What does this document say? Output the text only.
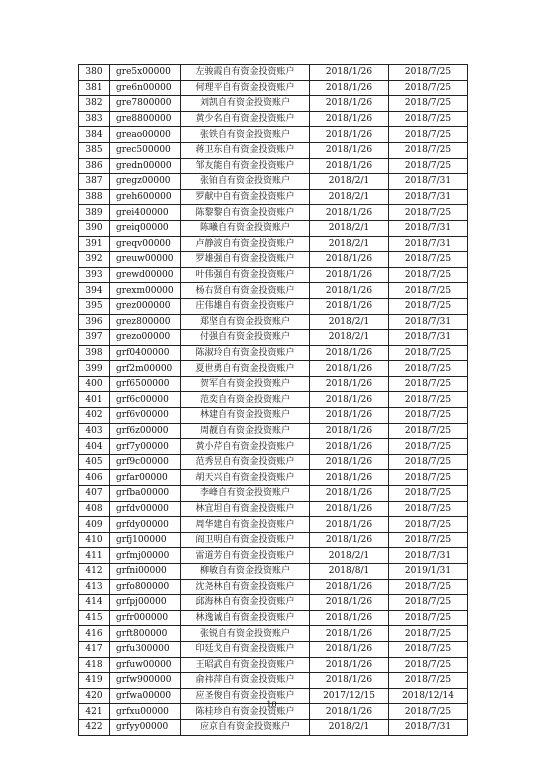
380	gre5x00000	左骏霞自有资金投资账户	2018/1/26	2018/7/25
381	gre6n00000	何理平自有资金投资账户	2018/1/26	2018/7/25
382	gre7800000	刘凯自有资金投资账户	2018/1/26	2018/7/25
383	gre8800000	黄少名自有资金投资账户	2018/1/26	2018/7/25
384	greao00000	张铁自有资金投资账户	2018/1/26	2018/7/25
385	grec500000	蒋卫东自有资金投资账户	2018/1/26	2018/7/25
386	gredn00000	邹友能自有资金投资账户	2018/1/26	2018/7/25
387	gregz00000	张铂自有资金投资账户	2018/2/1	2018/7/31
388	greh600000	罗献中自有资金投资账户	2018/2/1	2018/7/31
389	grei400000	陈黎黎自有资金投资账户	2018/1/26	2018/7/25
390	greiq00000	陈曦自有资金投资账户	2018/2/1	2018/7/31
391	greqv00000	卢静波自有资金投资账户	2018/2/1	2018/7/31
392	greuw00000	罗雄强自有资金投资账户	2018/1/26	2018/7/25
393	grewd00000	叶伟强自有资金投资账户	2018/1/26	2018/7/25
394	grexm00000	杨右贤自有资金投资账户	2018/1/26	2018/7/25
395	grez000000	庄伟雄自有资金投资账户	2018/1/26	2018/7/25
396	grez800000	郑坚自有资金投资账户	2018/2/1	2018/7/31
397	grezo00000	付强自有资金投资账户	2018/2/1	2018/7/31
398	grf0400000	陈淑玲自有资金投资账户	2018/1/26	2018/7/25
399	grf2m00000	夏世勇自有资金投资账户	2018/1/26	2018/7/25
400	grf6500000	贺军自有资金投资账户	2018/1/26	2018/7/25
401	grf6c00000	范奕自有资金投资账户	2018/1/26	2018/7/25
402	grf6v00000	林建自有资金投资账户	2018/1/26	2018/7/25
403	grf6z00000	周靓自有资金投资账户	2018/1/26	2018/7/25
404	grf7y00000	黄小芹自有资金投资账户	2018/1/26	2018/7/25
405	grf9c00000	范秀昱自有资金投资账户	2018/1/26	2018/7/25
406	grfar00000	胡天兴自有资金投资账户	2018/1/26	2018/7/25
407	grfba00000	李峰自有资金投资账户	2018/1/26	2018/7/25
408	grfdv00000	林宜坦自有资金投资账户	2018/1/26	2018/7/25
409	grfdy00000	周华建自有资金投资账户	2018/1/26	2018/7/25
410	grfj100000	阎卫明自有资金投资账户	2018/1/26	2018/7/25
411	grfmj00000	雷道芳自有资金投资账户	2018/2/1	2018/7/31
412	grfni00000	柳敏自有资金投资账户	2018/8/1	2019/1/31
413	grfo800000	沈尧林自有资金投资账户	2018/1/26	2018/7/25
414	grfpj00000	邱海林自有资金投资账户	2018/1/26	2018/7/25
415	grfr000000	林逸诚自有资金投资账户	2018/1/26	2018/7/25
416	grft800000	张锐自有资金投资账户	2018/1/26	2018/7/25
417	grfu300000	印廷戈自有资金投资账户	2018/1/26	2018/7/25
418	grfuw00000	王昭武自有资金投资账户	2018/1/26	2018/7/25
419	grfw900000	俞祎萍自有资金投资账户	2018/1/26	2018/7/25
420	grfwa00000	应圣俊自有资金投资账户	2017/12/15	2018/12/14
421	grfxu00000	陈桂珍自有资金投资账户	2018/1/26	2018/7/25
422	grfyy00000	应京自有资金投资账户	2018/2/1	2018/7/31
10
